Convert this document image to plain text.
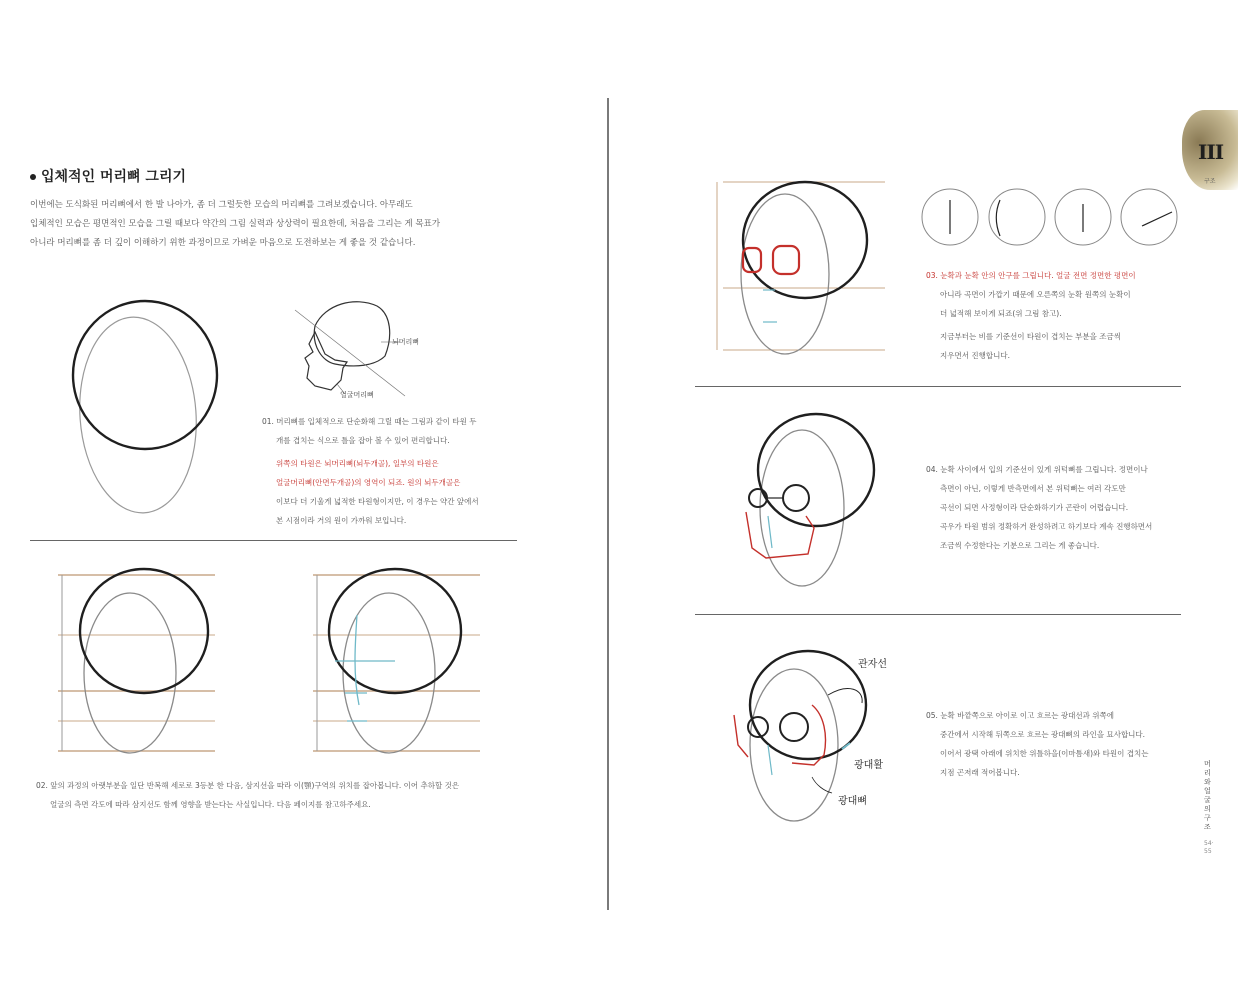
입체적인 머리뼈 그리기
이번에는 도식화된 머리뼈에서 한 발 나아가, 좀 더 그럴듯한 모습의 머리뼈를 그려보겠습니다. 아무래도
입체적인 모습은 평면적인 모습을 그릴 때보다 약간의 그림 실력과 상상력이 필요한데, 처음을 그리는 게 목표가
아니라 머리뼈를 좀 더 깊이 이해하기 위한 과정이므로 가벼운 마음으로 도전하보는 게 좋을 것 같습니다.
뇌머리뼈
얼굴머리뼈
01. 머리뼈를 입체적으로 단순화해 그릴 때는 그림과 같이 타원 두
개를 겹치는 식으로 틀을 잡아 볼 수 있어 편리합니다.
위쪽의 타원은 뇌머리뼈(뇌두개골), 일부의 타원은
얼굴머리뼈(안면두개골)의 영역이 되죠. 원의 뇌두개골은
이보다 더 기울게 넓적한 타원형이지만, 이 경우는 약간 앞에서
본 시점이라 거의 원이 가까워 보입니다.
02. 앞의 과정의 아랫부분을 일단 반복해 세로로 3등분 한 다음, 삼지선을 따라 이(顎)구역의 위치를 잡아봅니다. 이어 추하할 것은
얼굴의 측면 각도에 따라 삼지선도 함께 영향을 받는다는 사실입니다. 다음 페이지를 참고하주세요.
III
구조
03. 눈확과 눈확 안의 안구를 그립니다. 얼굴 전면 정면한 평면이
아니라 곡면이 가깝기 때문에 오른쪽의 눈확 원쪽의 눈확이
더 넓적해 보이게 되죠(위 그림 참고).
지금부터는 비를 기준선이 타원이 겹치는 부분을 조금씩
지우면서 진행합니다.
04. 눈확 사이에서 입의 기준선이 있게 위턱뼈를 그립니다. 정면이나
측면이 아닌, 이렇게 반측면에서 본 위턱뼈는 여러 각도만
곡선이 되면 사정형이라 단순화하기가 곤란이 어렵습니다.
곡우가 타원 범위 정확하거 완성하려고 하기보다 계속 진행하면서
조금씩 수정한다는 기분으로 그리는 게 좋습니다.
관자선
광대활
광대뼈
05. 눈확 바깥쪽으로 아이로 이고 흐르는 광대선과 위쪽에
중간에서 시작해 뒤쪽으로 흐르는 광대뼈의 라인을 묘사합니다.
이어서 광택 아래에 위치한 위틀하을(이마틈새)와 타원이 겹치는
지점 곤저래 적어봅니다.
머리와 얼굴의 구조
54·55
